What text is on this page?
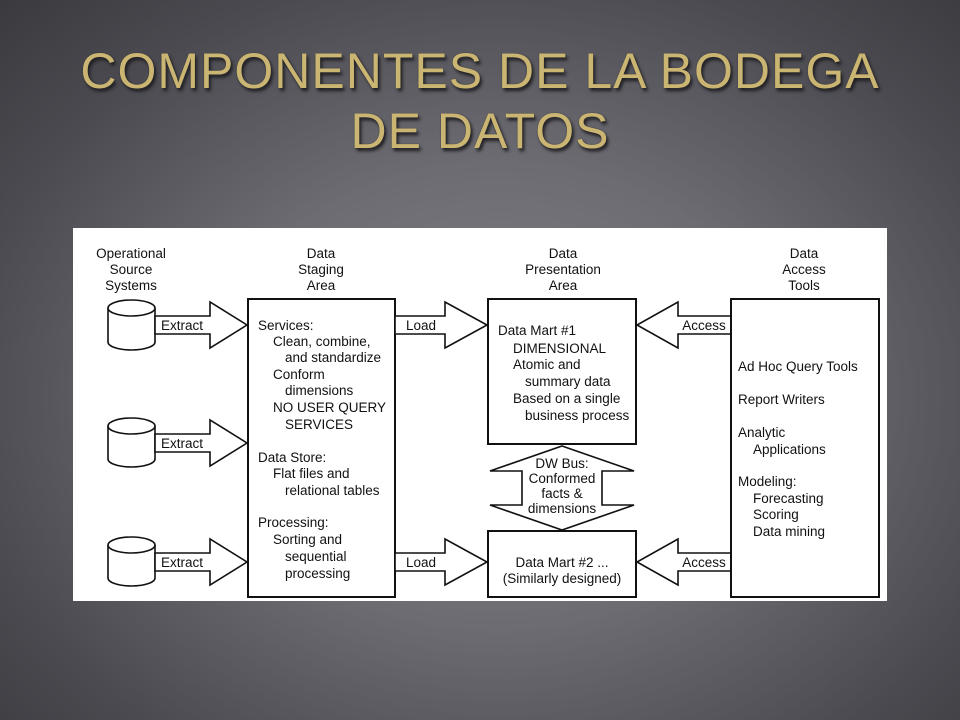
COMPONENTES DE LA BODEGA
DE DATOS
Operational
Source
Systems
Data
Staging
Area
Data
Presentation
Area
Data
Access
Tools
Extract
Extract
Extract
Services:
Clean, combine,
and standardize
Conform
dimensions
NO USER QUERY
SERVICES
Data Store:
Flat files and
relational tables
Processing:
Sorting and
sequential
processing
Load
Load
Data Mart #1
DIMENSIONAL
Atomic and
summary data
Based on a single
business process
DW Bus:
Conformed
facts &
dimensions
Data Mart #2 ...
(Similarly designed)
Access
Access
Ad Hoc Query Tools
Report Writers
Analytic
Applications
Modeling:
Forecasting
Scoring
Data mining
